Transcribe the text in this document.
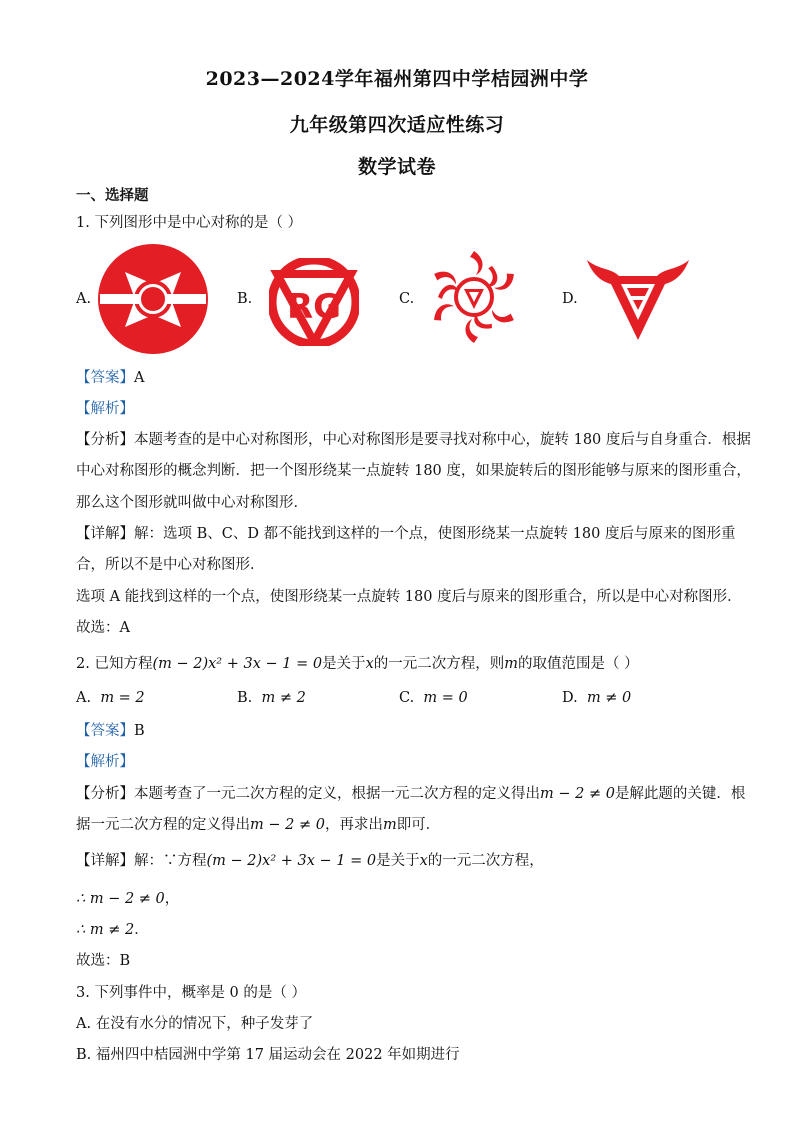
2023—2024学年福州第四中学桔园洲中学
九年级第四次适应性练习
数学试卷
一、选择题
1. 下列图形中是中心对称的是（ ）
A.	B. RG	C.	D.
【答案】A
【解析】
【分析】本题考查的是中心对称图形，中心对称图形是要寻找对称中心，旋转 180 度后与自身重合．根据
中心对称图形的概念判断．把一个图形绕某一点旋转 180 度，如果旋转后的图形能够与原来的图形重合，
那么这个图形就叫做中心对称图形．
【详解】解：选项 B、C、D 都不能找到这样的一个点，使图形绕某一点旋转 180 度后与原来的图形重
合，所以不是中心对称图形．
选项 A 能找到这样的一个点，使图形绕某一点旋转 180 度后与原来的图形重合，所以是中心对称图形．
故选：A
2. 已知方程(m − 2)x² + 3x − 1 = 0是关于x的一元二次方程，则m的取值范围是（ ）
A. m = 2	B. m ≠ 2	C. m = 0	D. m ≠ 0
【答案】B
【解析】
【分析】本题考查了一元二次方程的定义，根据一元二次方程的定义得出m − 2 ≠ 0是解此题的关键．根
据一元二次方程的定义得出m − 2 ≠ 0，再求出m即可．
【详解】解：∵方程(m − 2)x² + 3x − 1 = 0是关于x的一元二次方程，
∴ m − 2 ≠ 0，
∴ m ≠ 2．
故选：B
3. 下列事件中，概率是 0 的是（ ）
A. 在没有水分的情况下，种子发芽了
B. 福州四中桔园洲中学第 17 届运动会在 2022 年如期进行
